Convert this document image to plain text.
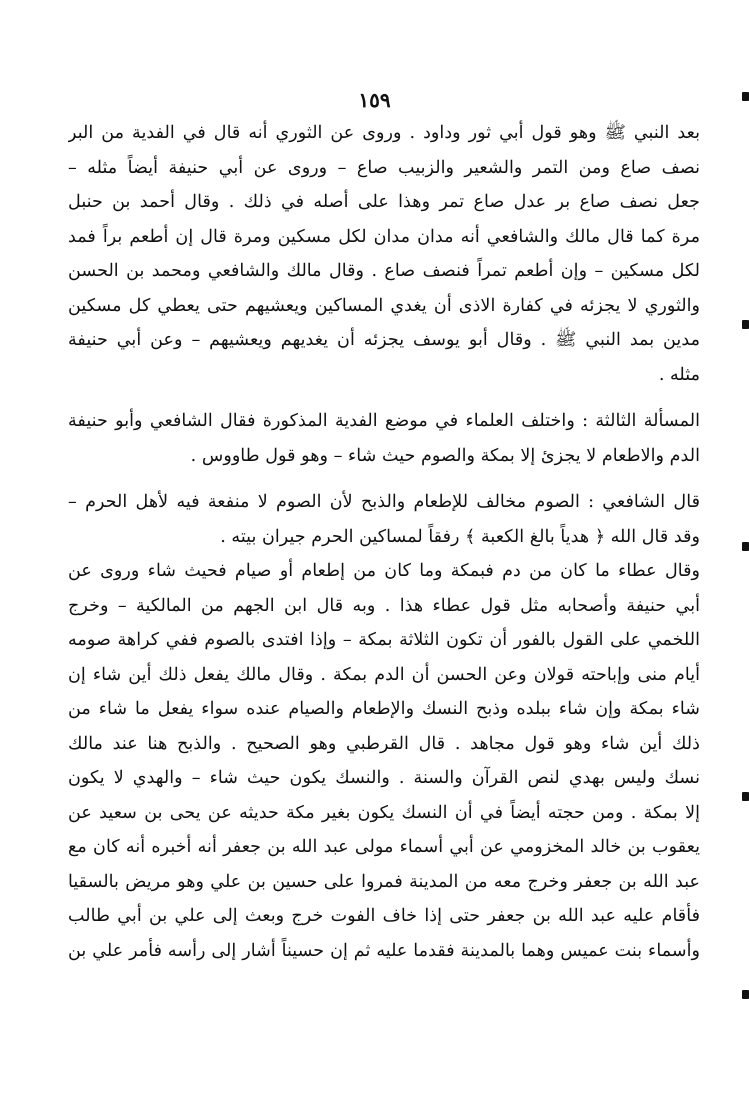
١٥٩
بعد النبي ﷺ وهو قول أبي ثور وداود . وروى عن الثوري أنه قال في الفدية من البر
نصف صاع ومن التمر والشعير والزبيب صاع – وروى عن أبي حنيفة أيضاً مثله –
جعل نصف صاع بر عدل صاع تمر وهذا على أصله في ذلك . وقال أحمد بن حنبل
مرة كما قال مالك والشافعي أنه مدان مدان لكل مسكين ومرة قال إن أطعم براً فمد
لكل مسكين – وإن أطعم تمراً فنصف صاع . وقال مالك والشافعي ومحمد بن الحسن
والثوري لا يجزئه في كفارة الاذى أن يغدي المساكين ويعشيهم حتى يعطي كل مسكين
مدين بمد النبي ﷺ . وقال أبو يوسف يجزئه أن يغديهم ويعشيهم – وعن أبي حنيفة
مثله .
المسألة الثالثة : واختلف العلماء في موضع الفدية المذكورة فقال الشافعي وأبو حنيفة
الدم والاطعام لا يجزئ إلا بمكة والصوم حيث شاء – وهو قول طاووس .
قال الشافعي : الصوم مخالف للإطعام والذبح لأن الصوم لا منفعة فيه لأهل الحرم –
وقد قال الله ﴿ هدياً بالغ الكعبة ﴾ رفقاً لمساكين الحرم جيران بيته .
وقال عطاء ما كان من دم فبمكة وما كان من إطعام أو صيام فحيث شاء وروى عن
أبي حنيفة وأصحابه مثل قول عطاء هذا . وبه قال ابن الجهم من المالكية – وخرج
اللخمي على القول بالفور أن تكون الثلاثة بمكة – وإذا افتدى بالصوم ففي كراهة صومه
أيام منى وإباحته قولان وعن الحسن أن الدم بمكة . وقال مالك يفعل ذلك أين شاء إن
شاء بمكة وإن شاء ببلده وذبح النسك والإطعام والصيام عنده سواء يفعل ما شاء من
ذلك أين شاء وهو قول مجاهد . قال القرطبي وهو الصحيح . والذبح هنا عند مالك
نسك وليس بهدي لنص القرآن والسنة . والنسك يكون حيث شاء – والهدي لا يكون
إلا بمكة . ومن حجته أيضاً في أن النسك يكون بغير مكة حديثه عن يحى بن سعيد عن
يعقوب بن خالد المخزومي عن أبي أسماء مولى عبد الله بن جعفر أنه أخبره أنه كان مع
عبد الله بن جعفر وخرج معه من المدينة فمروا على حسين بن علي وهو مريض بالسقيا
فأقام عليه عبد الله بن جعفر حتى إذا خاف الفوت خرج وبعث إلى علي بن أبي طالب
وأسماء بنت عميس وهما بالمدينة فقدما عليه ثم إن حسيناً أشار إلى رأسه فأمر علي بن
